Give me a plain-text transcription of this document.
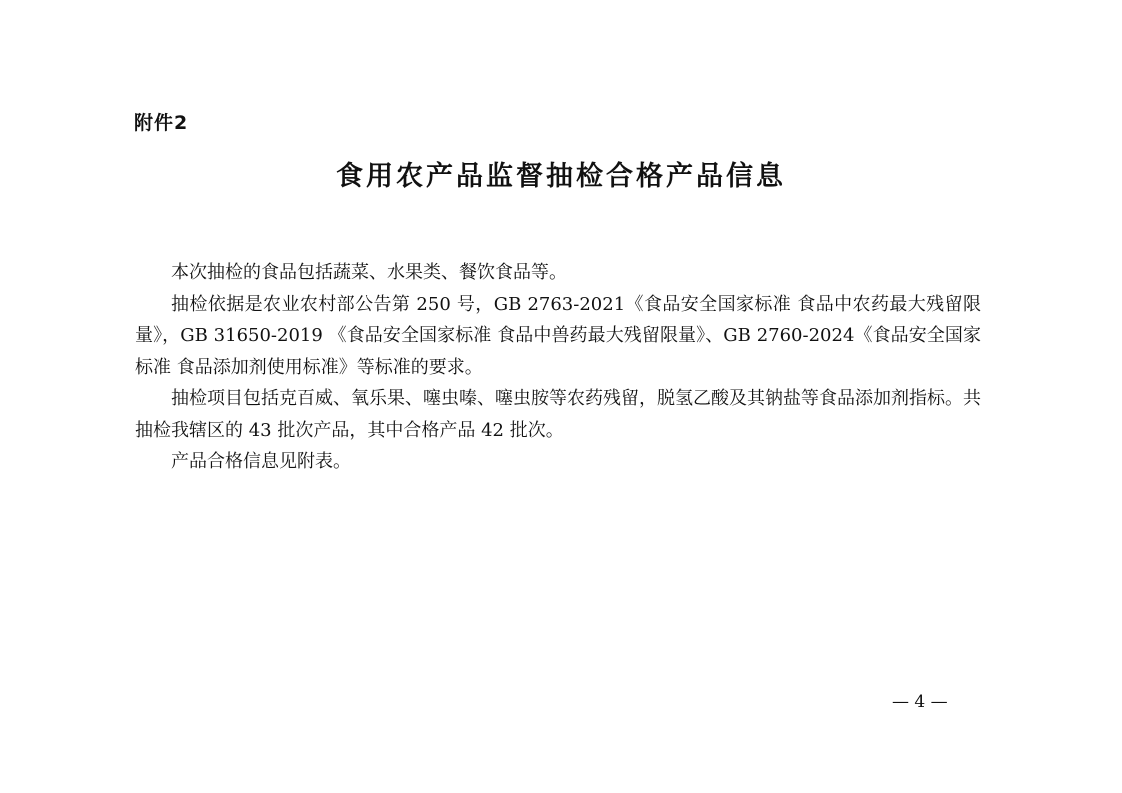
附件2
食用农产品监督抽检合格产品信息

本次抽检的食品包括蔬菜、水果类、餐饮食品等。

抽检依据是农业农村部公告第 250 号，GB 2763-2021《食品安全国家标准 食品中农药最大残留限量》，GB 31650-2019 《食品安全国家标准 食品中兽药最大残留限量》、GB 2760-2024《食品安全国家标准 食品添加剂使用标准》等标准的要求。

抽检项目包括克百威、氧乐果、噻虫嗪、噻虫胺等农药残留，脱氢乙酸及其钠盐等食品添加剂指标。共抽检我辖区的 43 批次产品，其中合格产品 42 批次。

产品合格信息见附表。

— 4 —
